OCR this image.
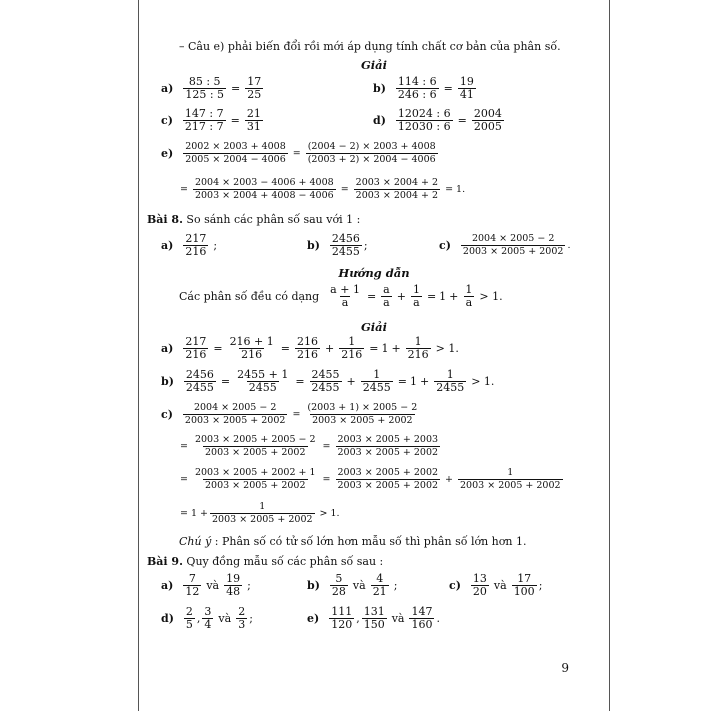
– Câu e) phải biến đổi rồi mới áp dụng tính chất cơ bản của phân số.
Giải
$a) \frac{85 : 5}{125 : 5} = \frac{17}{25}$	$b) \frac{114 : 6}{246 : 6} = \frac{19}{41}$
$c) \frac{147 : 7}{217 : 7} = \frac{21}{31}$	$d) \frac{12024 : 6}{12030 : 6} = \frac{2004}{2005}$
$e) \frac{2002 \times 2003 + 4008}{2005 \times 2004 - 4006} = \frac{(2004 - 2) \times 2003 + 4008}{(2003 + 2) \times 2004 - 4006}$
= $\frac{2004 \times 2003 - 4006 + 4008}{2003 \times 2004 + 4008 - 4006} = \frac{2003 \times 2004 + 2}{2003 \times 2004 + 2} = 1$.
Bài 8.
So sánh các phân số sau với 1 :
$a) \frac{217}{216}$ ;	$b) \frac{2456}{2455}$ ;	$c) \frac{2004 \times 2005 - 2}{2003 \times 2005 + 2002}$ .
Hướng dẫn
Các phân số đều có dạng
$\frac{a + 1}{a} = \frac{a}{a} + \frac{1}{a} = 1 + \frac{1}{a} > 1$.
Giải
$a) \frac{217}{216} = \frac{216 + 1}{216} = \frac{216}{216} + \frac{1}{216} = 1 + \frac{1}{216} > 1$.
$b) \frac{2456}{2455} = \frac{2455 + 1}{2455} = \frac{2455}{2455} + \frac{1}{2455} = 1 + \frac{1}{2455} > 1$.
$c) \frac{2004 \times 2005 - 2}{2003 \times 2005 + 2002} = \frac{(2003 + 1) \times 2005 - 2}{2003 \times 2005 + 2002}$
= $\frac{2003 \times 2005 + 2005 - 2}{2003 \times 2005 + 2002} = \frac{2003 \times 2005 + 2003}{2003 \times 2005 + 2002}$
= $\frac{2003 \times 2005 + 2002 + 1}{2003 \times 2005 + 2002} = \frac{2003 \times 2005 + 2002}{2003 \times 2005 + 2002} + \frac{1}{2003 \times 2005 + 2002}$
= $1 + \frac{1}{2003 \times 2005 + 2002} > 1$.
Chú ý
: Phân số có tử số lớn hơn mẫu số thì phân số lớn hơn 1.
Bài 9.
Quy đồng mẫu số các phân số sau :
$a) \frac{7}{12}$ và $\frac{19}{48}$ ;	$b) \frac{5}{28}$ và $\frac{4}{21}$ ;	$c) \frac{13}{20}$ và $\frac{17}{100}$ ;
$d) \frac{2}{5}$ , $\frac{3}{4}$ và $\frac{2}{3}$ ;	$e) \frac{111}{120}$ , $\frac{131}{150}$ và $\frac{147}{160}$ .
9
